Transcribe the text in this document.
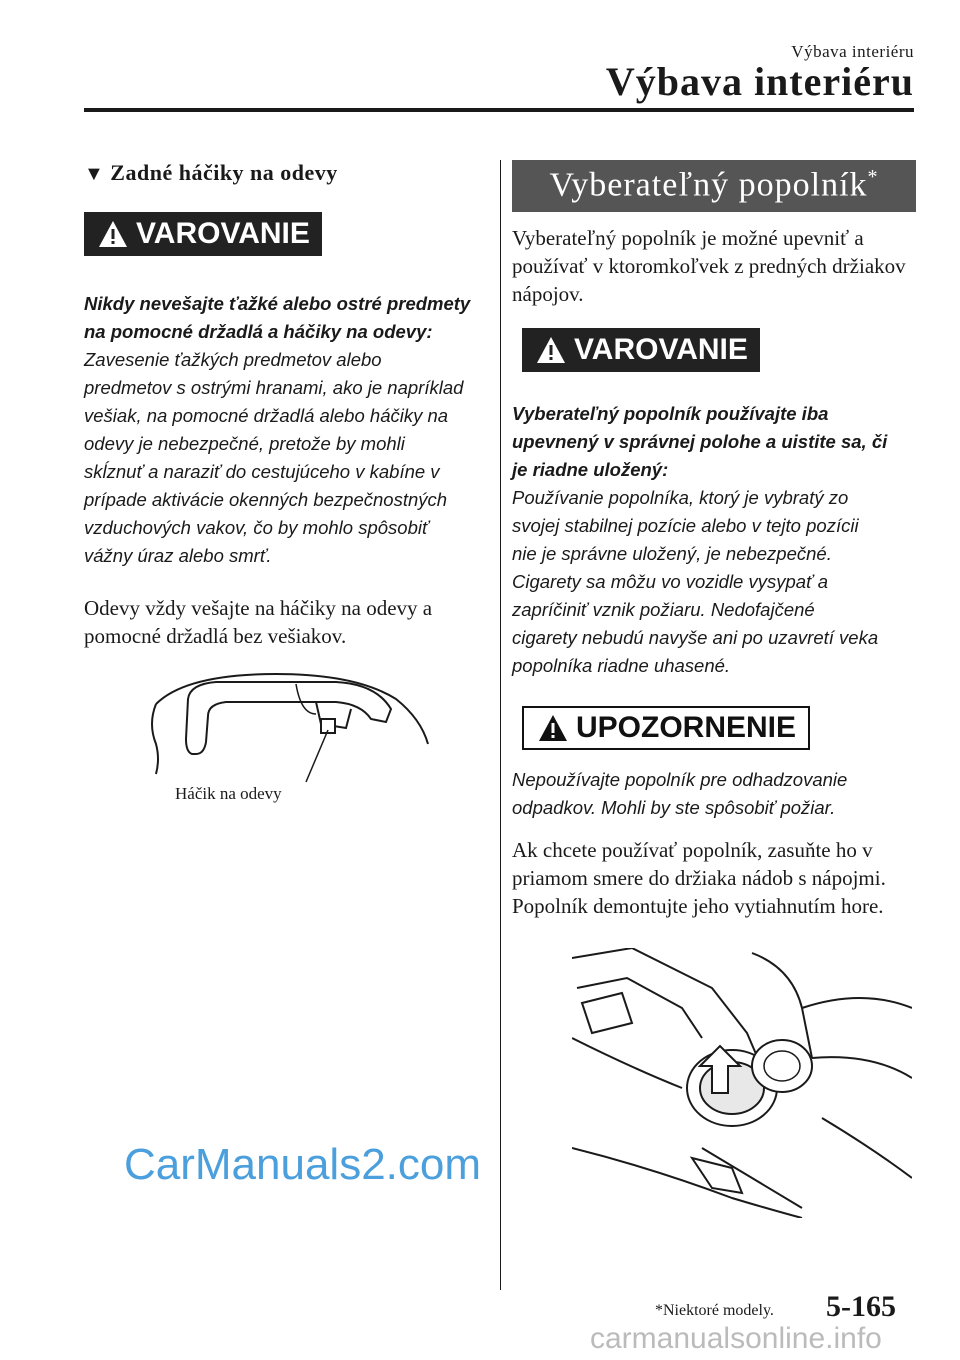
Výbava interiéru
Výbava interiéru

▼ Zadné háčiky na odevy

VAROVANIE
Nikdy nevešajte ťažké alebo ostré predmety na pomocné držadlá a háčiky na odevy:
Zavesenie ťažkých predmetov alebo predmetov s ostrými hranami, ako je napríklad vešiak, na pomocné držadlá alebo háčiky na odevy je nebezpečné, pretože by mohli skĺznuť a naraziť do cestujúceho v kabíne v prípade aktivácie okenných bezpečnostných vzduchových vakov, čo by mohlo spôsobiť vážny úraz alebo smrť.
Odevy vždy vešajte na háčiky na odevy a pomocné držadlá bez vešiakov.
Háčik na odevy
Vyberateľný popolník*
Vyberateľný popolník je možné upevniť a používať v ktoromkoľvek z predných držiakov nápojov.
VAROVANIE
Vyberateľný popolník používajte iba upevnený v správnej polohe a uistite sa, či je riadne uložený:
Používanie popolníka, ktorý je vybratý zo svojej stabilnej pozície alebo v tejto pozícii nie je správne uložený, je nebezpečné. Cigarety sa môžu vo vozidle vysypať a zapríčiniť vznik požiaru. Nedofajčené cigarety nebudú navyše ani po uzavretí veka popolníka riadne uhasené.
UPOZORNENIE
Nepoužívajte popolník pre odhadzovanie odpadkov. Mohli by ste spôsobiť požiar.
Ak chcete používať popolník, zasuňte ho v priamom smere do držiaka nádob s nápojmi.
Popolník demontujte jeho vytiahnutím hore.
CarManuals2.com
*Niektoré modely. 5-165
carmanualsonline.info
